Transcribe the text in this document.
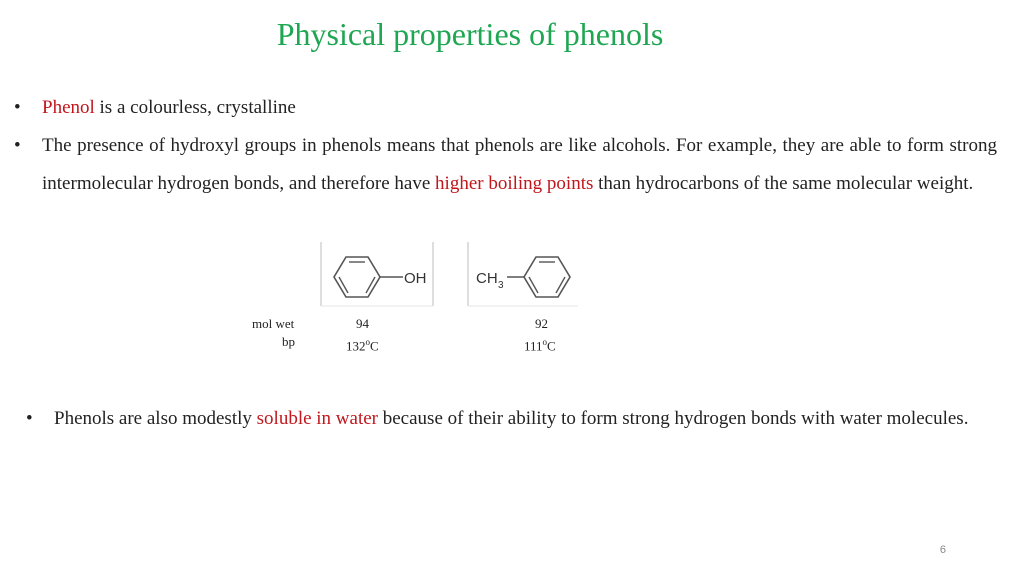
Physical properties of phenols
• Phenol is a colourless, crystalline
• The presence of hydroxyl groups in phenols means that phenols are like alcohols. For example, they are able to form strong intermolecular hydrogen bonds, and therefore have higher boiling points than hydrocarbons of the same molecular weight.
OH	CH 3
mol wet
bp
94
132$^o$C
92
111$^o$C
• Phenols are also modestly soluble in water because of their ability to form strong hydrogen bonds with water molecules.
6
